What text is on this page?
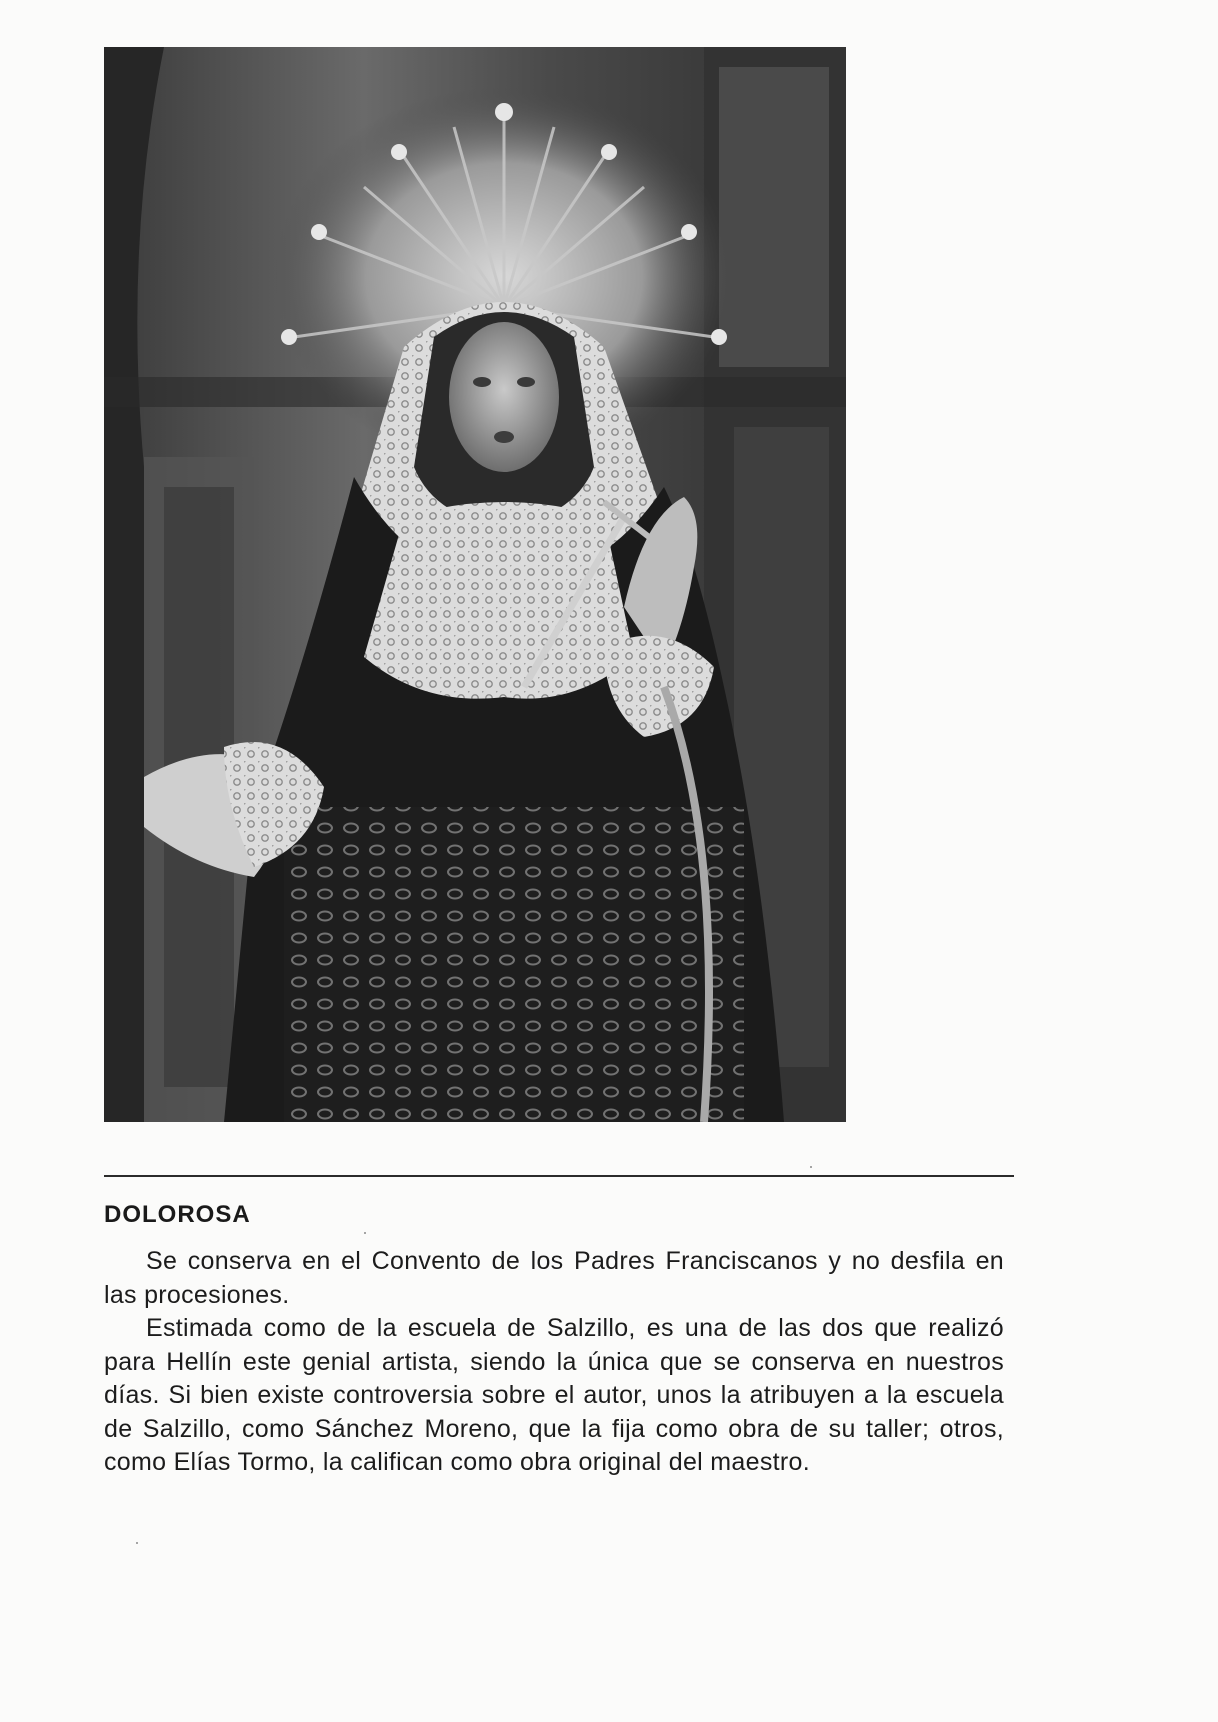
DOLOROSA

Se conserva en el Convento de los Padres Franciscanos y no desfila en las procesiones.

Estimada como de la escuela de Salzillo, es una de las dos que realizó para Hellín este genial artista, siendo la única que se conserva en nuestros días. Si bien existe controversia sobre el autor, unos la atribuyen a la escuela de Salzillo, como Sánchez Moreno, que la fija como obra de su taller; otros, como Elías Tormo, la califican como obra original del maestro.
